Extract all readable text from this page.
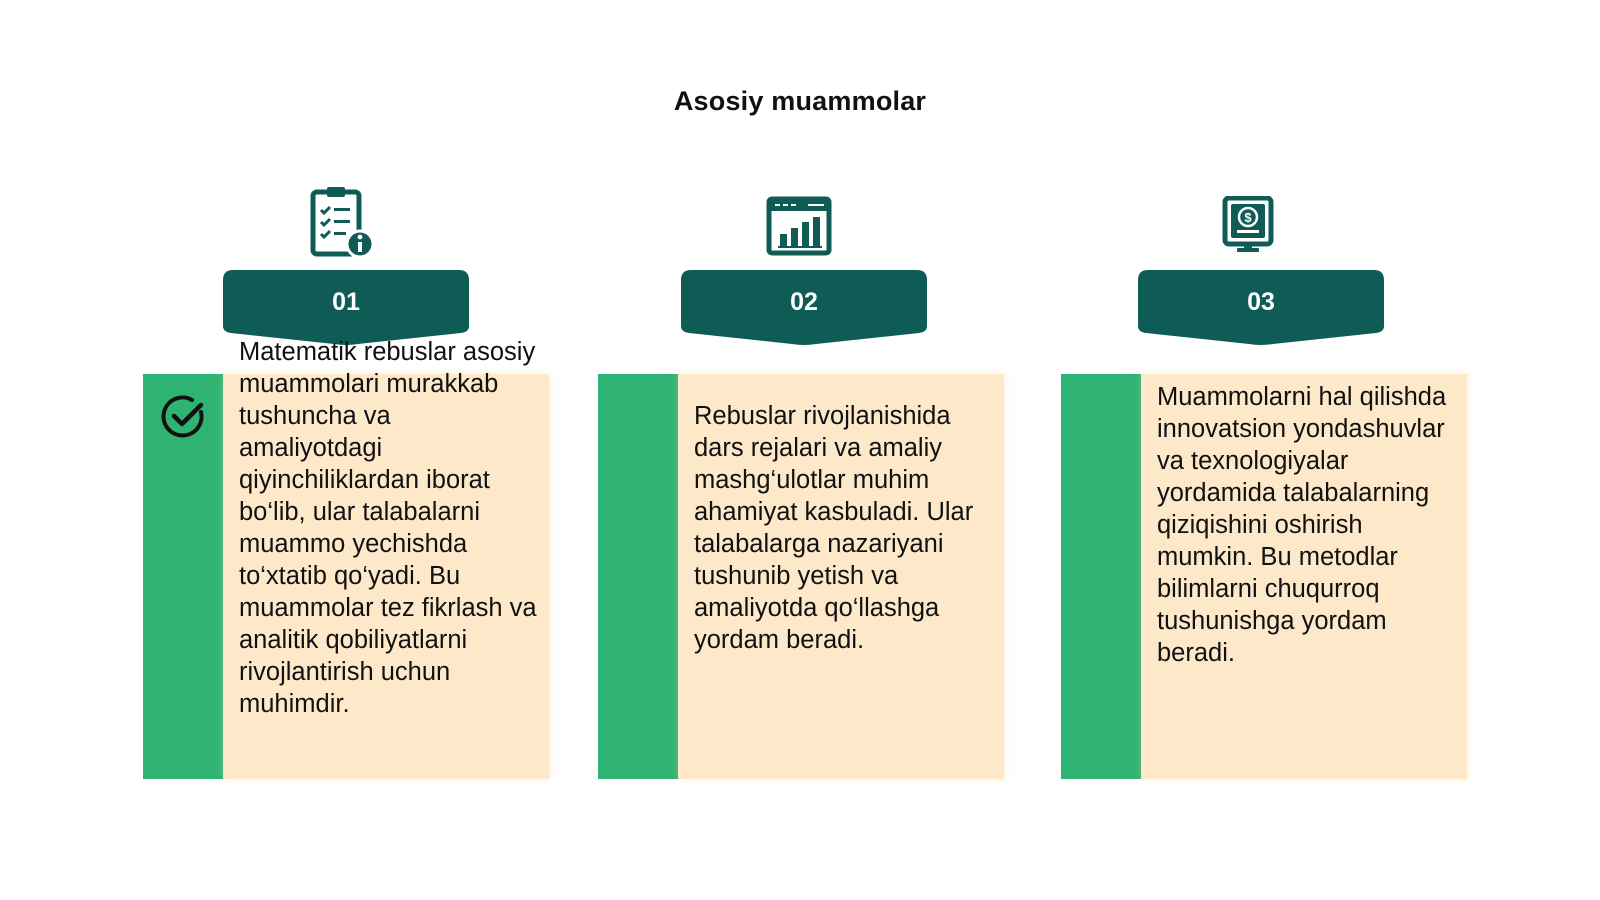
Asosiy muammolar
01
Matematik rebuslar asosiy muammolari murakkab tushuncha va amaliyotdagi qiyinchiliklardan iborat bo‘lib, ular talabalarni muammo yechishda to‘xtatib qo‘yadi. Bu muammolar tez fikrlash va analitik qobiliyatlarni rivojlantirish uchun muhimdir.
02
Rebuslar rivojlanishida dars rejalari va amaliy mashg‘ulotlar muhim ahamiyat kasbuladi. Ular talabalarga nazariyani tushunib yetish va amaliyotda qo‘llashga yordam beradi.
$
03
Muammolarni hal qilishda innovatsion yondashuvlar va texnologiyalar yordamida talabalarning qiziqishini oshirish mumkin. Bu metodlar bilimlarni chuqurroq tushunishga yordam beradi.
